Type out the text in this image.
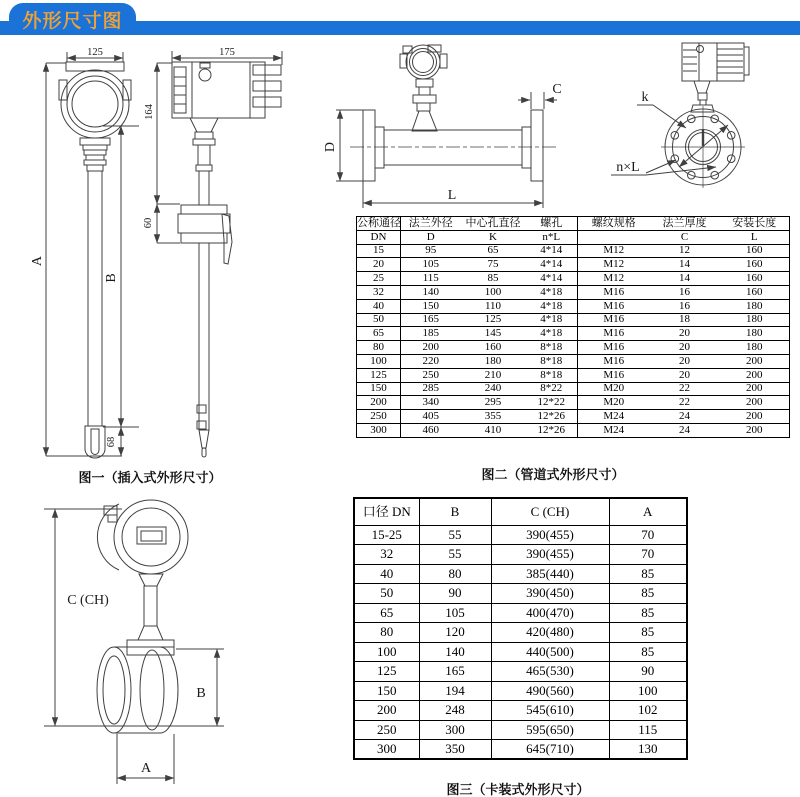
外形尺寸图
125	175
164
60
A
B
68
图一（插入式外形尺寸）
D
L
C
k
n×L
公称通径	法兰外径	中心孔直径	螺孔	螺纹规格	法兰厚度	安装长度
DN	D	K	n*L		C	L
15	95	65	4*14	M12	12	160
20	105	75	4*14	M12	14	160
25	115	85	4*14	M12	14	160
32	140	100	4*18	M16	16	160
40	150	110	4*18	M16	16	180
50	165	125	4*18	M16	18	180
65	185	145	4*18	M16	20	180
80	200	160	8*18	M16	20	180
100	220	180	8*18	M16	20	200
125	250	210	8*18	M16	20	200
150	285	240	8*22	M20	22	200
200	340	295	12*22	M20	22	200
250	405	355	12*26	M24	24	200
300	460	410	12*26	M24	24	200
图二（管道式外形尺寸）
C (CH)
B
A
口径 DN	B	C (CH)	A
15-25	55	390(455)	70
32	55	390(455)	70
40	80	385(440)	85
50	90	390(450)	85
65	105	400(470)	85
80	120	420(480)	85
100	140	440(500)	85
125	165	465(530)	90
150	194	490(560)	100
200	248	545(610)	102
250	300	595(650)	115
300	350	645(710)	130
图三（卡装式外形尺寸）
